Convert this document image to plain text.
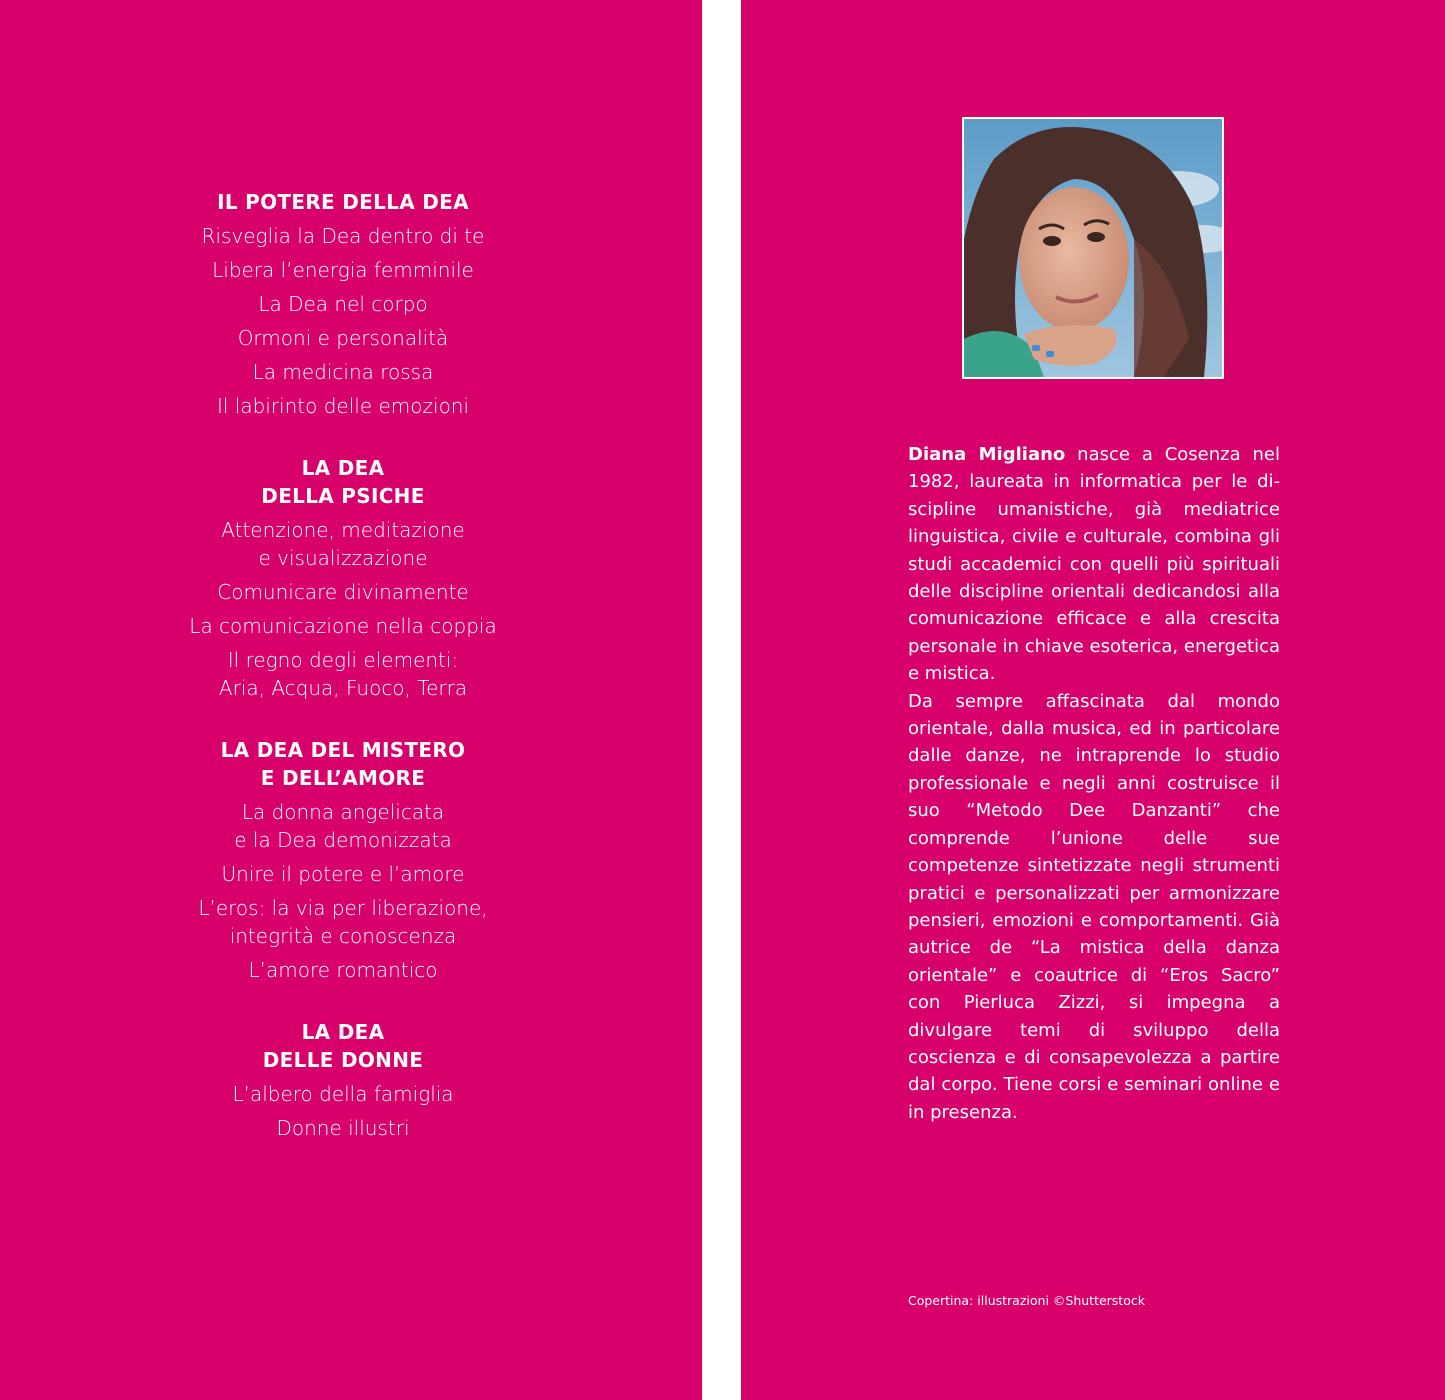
IL POTERE DELLA DEA
Risveglia la Dea dentro di te
Libera l’energia femminile
La Dea nel corpo
Ormoni e personalità
La medicina rossa
Il labirinto delle emozioni
LA DEA
DELLA PSICHE
Attenzione, meditazione
e visualizzazione
Comunicare divinamente
La comunicazione nella coppia
Il regno degli elementi:
Aria, Acqua, Fuoco, Terra
LA DEA DEL MISTERO
E DELL’AMORE
La donna angelicata
e la Dea demonizzata
Unire il potere e l’amore
L’eros: la via per liberazione,
integrità e conoscenza
L’amore romantico
LA DEA
DELLE DONNE
L’albero della famiglia
Donne illustri

Diana Migliano nasce a Cosenza nel 1982, laureata in informatica per le discipline umanistiche, già mediatrice linguistica, civile e culturale, combina gli studi accademici con quelli più spirituali delle discipline orientali dedicandosi alla comunicazione efficace e alla crescita personale in chiave esoterica, energetica e mistica.

Da sempre affascinata dal mondo orientale, dalla musica, ed in particolare dalle danze, ne intraprende lo studio professionale e negli anni costruisce il suo “Metodo Dee Danzanti” che comprende l’unione delle sue competenze sintetizzate negli strumenti pratici e personalizzati per armonizzare pensieri, emozioni e comportamenti. Già autrice de “La mistica della danza orientale” e coautrice di “Eros Sacro” con Pierluca Zizzi, si impegna a divulgare temi di sviluppo della coscienza e di consapevolezza a partire dal corpo. Tiene corsi e seminari online e in presenza.

Copertina: illustrazioni ©Shutterstock
